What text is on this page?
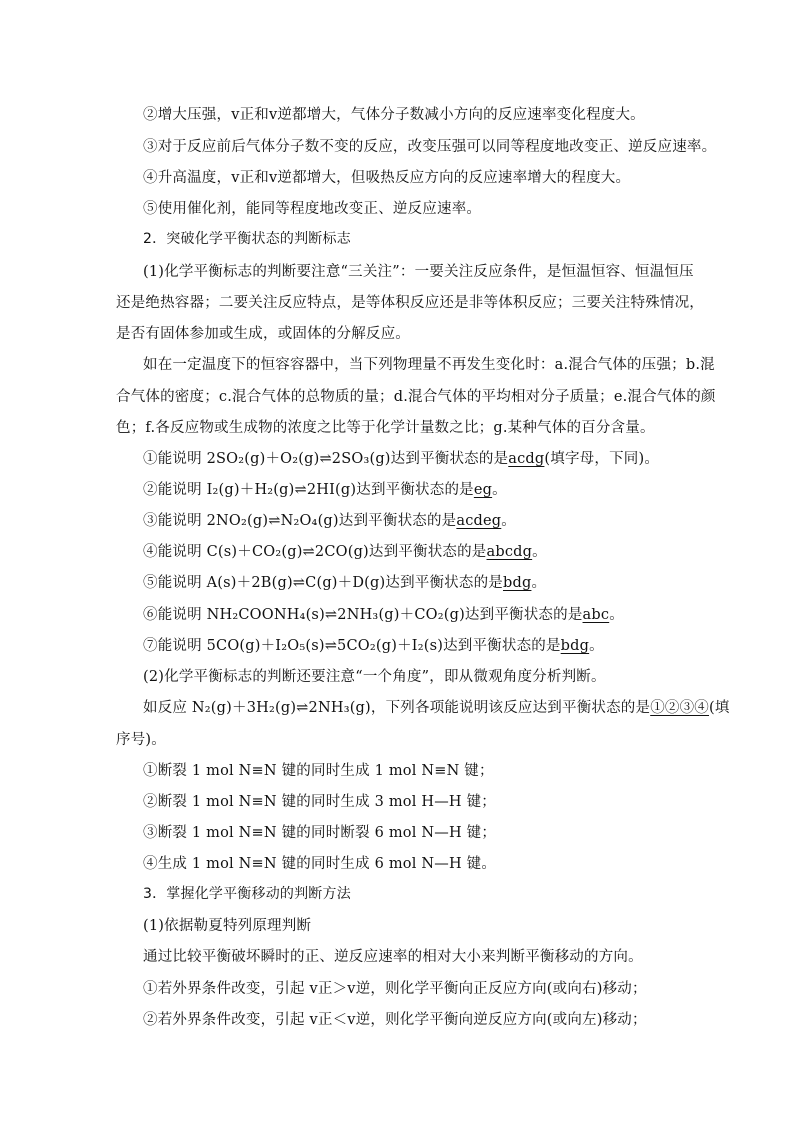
②增大压强，v正和v逆都增大，气体分子数减小方向的反应速率变化程度大。
③对于反应前后气体分子数不变的反应，改变压强可以同等程度地改变正、逆反应速率。
④升高温度，v正和v逆都增大，但吸热反应方向的反应速率增大的程度大。
⑤使用催化剂，能同等程度地改变正、逆反应速率。
2．突破化学平衡状态的判断标志
(1)化学平衡标志的判断要注意“三关注”：一要关注反应条件，是恒温恒容、恒温恒压
还是绝热容器；二要关注反应特点，是等体积反应还是非等体积反应；三要关注特殊情况，
是否有固体参加或生成，或固体的分解反应。
如在一定温度下的恒容容器中，当下列物理量不再发生变化时：a.混合气体的压强；b.混
合气体的密度；c.混合气体的总物质的量；d.混合气体的平均相对分子质量；e.混合气体的颜
色；f.各反应物或生成物的浓度之比等于化学计量数之比；g.某种气体的百分含量。
①能说明 2SO₂(g)＋O₂(g)⇌2SO₃(g)达到平衡状态的是acdg(填字母，下同)。
②能说明 I₂(g)＋H₂(g)⇌2HI(g)达到平衡状态的是eg。
③能说明 2NO₂(g)⇌N₂O₄(g)达到平衡状态的是acdeg。
④能说明 C(s)＋CO₂(g)⇌2CO(g)达到平衡状态的是abcdg。
⑤能说明 A(s)＋2B(g)⇌C(g)＋D(g)达到平衡状态的是bdg。
⑥能说明 NH₂COONH₄(s)⇌2NH₃(g)＋CO₂(g)达到平衡状态的是abc。
⑦能说明 5CO(g)＋I₂O₅(s)⇌5CO₂(g)＋I₂(s)达到平衡状态的是bdg。
(2)化学平衡标志的判断还要注意“一个角度”，即从微观角度分析判断。
如反应 N₂(g)＋3H₂(g)⇌2NH₃(g)，下列各项能说明该反应达到平衡状态的是①②③④(填
序号)。
①断裂 1 mol N≡N 键的同时生成 1 mol N≡N 键；
②断裂 1 mol N≡N 键的同时生成 3 mol H—H 键；
③断裂 1 mol N≡N 键的同时断裂 6 mol N—H 键；
④生成 1 mol N≡N 键的同时生成 6 mol N—H 键。
3．掌握化学平衡移动的判断方法
(1)依据勒夏特列原理判断
通过比较平衡破坏瞬时的正、逆反应速率的相对大小来判断平衡移动的方向。
①若外界条件改变，引起 v正＞v逆，则化学平衡向正反应方向(或向右)移动；
②若外界条件改变，引起 v正＜v逆，则化学平衡向逆反应方向(或向左)移动；
